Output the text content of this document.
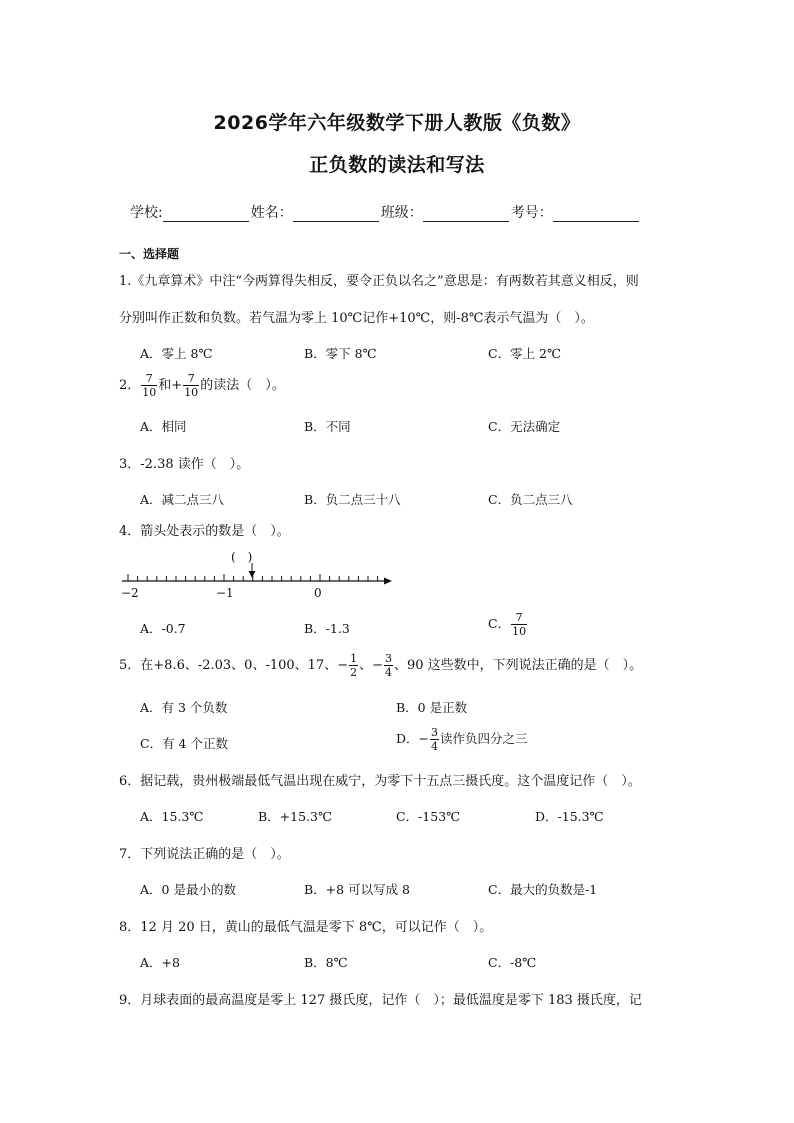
2026学年六年级数学下册人教版《负数》
正负数的读法和写法
学校:	姓名：	班级：	考号：
一、选择题
1.《九章算术》中注“今两算得失相反，要令正负以名之”意思是：有两数若其意义相反，则
分别叫作正数和负数。若气温为零上 10℃记作+10℃，则-8℃表示气温为（　）。
A．零上 8℃	B．零下 8℃	C．零上 2℃
2． $\frac{7}{10}$ 和+ $\frac{7}{10}$ 的读法（　）。
A．相同	B．不同	C．无法确定
3．-2.38 读作（　）。
A．减二点三八	B．负二点三十八	C．负二点三八
4．箭头处表示的数是（　）。
(　)
−2	−1	0
A．-0.7	B．-1.3	C． $\frac{7}{10}$
5．在+8.6、-2.03、0、-100、17、− $\frac{1}{2}$ 、− $\frac{3}{4}$ 、90 这些数中，下列说法正确的是（　）。
A．有 3 个负数	B．0 是正数
C．有 4 个正数	D．− $\frac{3}{4}$ 读作负四分之三
6．据记载，贵州极端最低气温出现在威宁，为零下十五点三摄氏度。这个温度记作（　）。
A．15.3℃	B．+15.3℃	C．-153℃	D．-15.3℃
7．下列说法正确的是（　）。
A．0 是最小的数	B．+8 可以写成 8	C．最大的负数是-1
8．12 月 20 日，黄山的最低气温是零下 8℃，可以记作（　）。
A．+8	B．8℃	C．-8℃
9．月球表面的最高温度是零上 127 摄氏度，记作（　）；最低温度是零下 183 摄氏度，记
